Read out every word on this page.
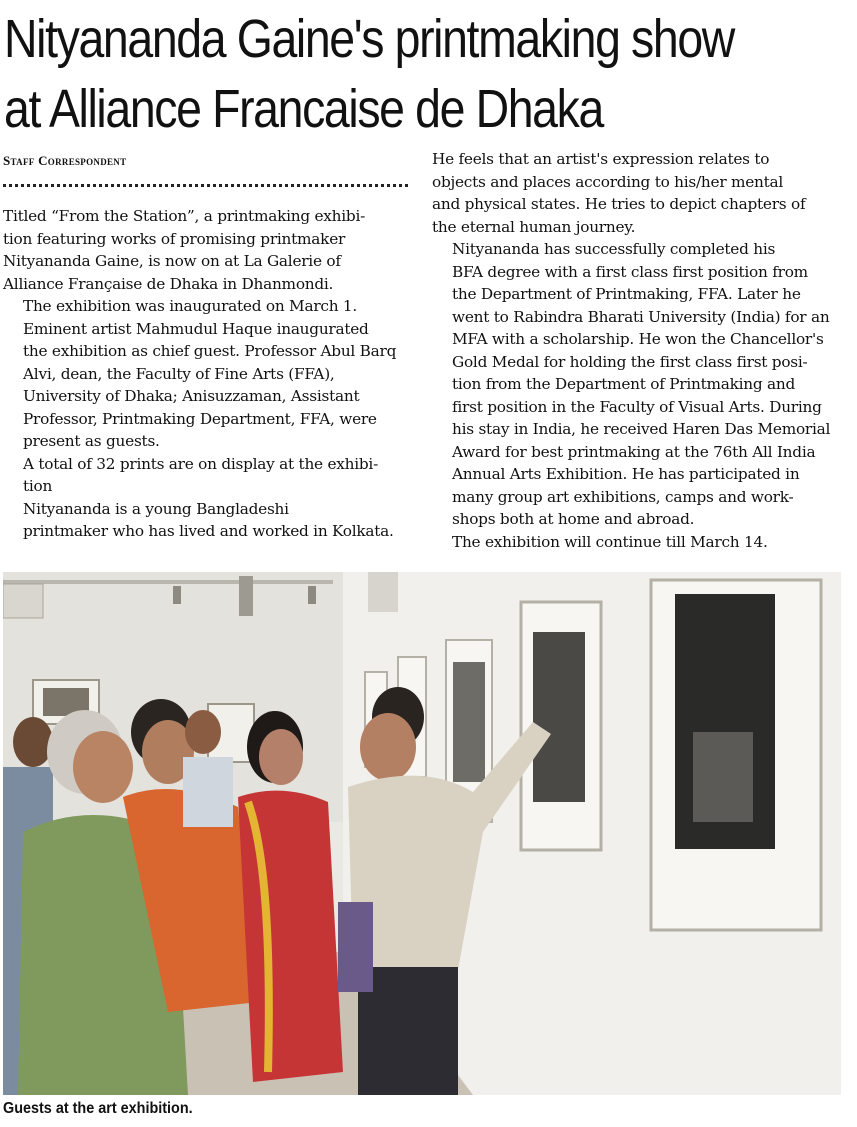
Nityananda Gaine's printmaking show
at Alliance Francaise de Dhaka
Staff Correspondent

Titled “From the Station”, a printmaking exhibi-
tion featuring works of promising printmaker
Nityananda Gaine, is now on at La Galerie of
Alliance Française de Dhaka in Dhanmondi.

The exhibition was inaugurated on March 1.
Eminent artist Mahmudul Haque inaugurated
the exhibition as chief guest. Professor Abul Barq
Alvi, dean, the Faculty of Fine Arts (FFA),
University of Dhaka; Anisuzzaman, Assistant
Professor, Printmaking Department, FFA, were
present as guests.

A total of 32 prints are on display at the exhibi-
tion

Nityananda is a young Bangladeshi
printmaker who has lived and worked in Kolkata.

He feels that an artist's expression relates to
objects and places according to his/her mental
and physical states. He tries to depict chapters of
the eternal human journey.

Nityananda has successfully completed his
BFA degree with a first class first position from
the Department of Printmaking, FFA. Later he
went to Rabindra Bharati University (India) for an
MFA with a scholarship. He won the Chancellor's
Gold Medal for holding the first class first posi-
tion from the Department of Printmaking and
first position in the Faculty of Visual Arts. During
his stay in India, he received Haren Das Memorial
Award for best printmaking at the 76th All India
Annual Arts Exhibition. He has participated in
many group art exhibitions, camps and work-
shops both at home and abroad.

The exhibition will continue till March 14.

Guests at the art exhibition.
